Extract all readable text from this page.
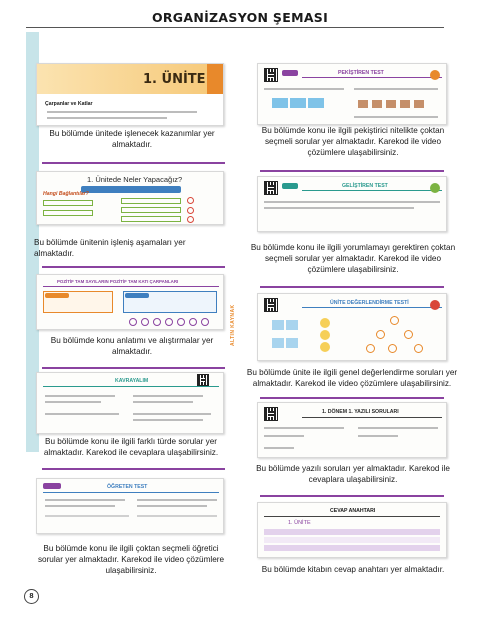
ORGANİZASYON ŞEMASI
ALTIN KAYNAK
1. ÜNİTE
Çarpanlar ve Katlar
Bu bölümde ünitede işlenecek kazanımlar yer almaktadır.
1. Ünitede Neler Yapacağız?
Hangi Bağlantılar?
Bu bölümde ünitenin işleniş aşamaları yer almaktadır.
POZİTİF TAM SAYILARIN POZİTİF TAM KATI ÇARPANLARI
Bu bölümde konu anlatımı ve alıştırmalar yer almaktadır.
KAVRAYALIM
Bu bölümde konu ile ilgili farklı türde sorular yer almaktadır. Karekod ile cevaplara ulaşabilirsiniz.
ÖĞRETEN TEST
Bu bölümde konu ile ilgili çoktan seçmeli öğretici sorular yer almaktadır. Karekod ile video çözümlere ulaşabilirsiniz.
PEKİŞTİREN TEST
Bu bölümde konu ile ilgili pekiştirici nitelikte çoktan seçmeli sorular yer almaktadır. Karekod ile video çözümlere ulaşabilirsiniz.
GELİŞTİREN TEST
Bu bölümde konu ile ilgili yorumlamayı gerektiren çoktan seçmeli sorular yer almaktadır. Karekod ile video çözümlere ulaşabilirsiniz.
ÜNİTE DEĞERLENDİRME TESTİ
Bu bölümde ünite ile ilgili genel değerlendirme soruları yer almaktadır. Karekod ile video çözümlere ulaşabilirsiniz.
1. DÖNEM 1. YAZILI SORULARI
Bu bölümde yazılı soruları yer almaktadır. Karekod ile cevaplara ulaşabilirsiniz.
CEVAP ANAHTARI
1. ÜNİTE
Bu bölümde kitabın cevap anahtarı yer almaktadır.
8
